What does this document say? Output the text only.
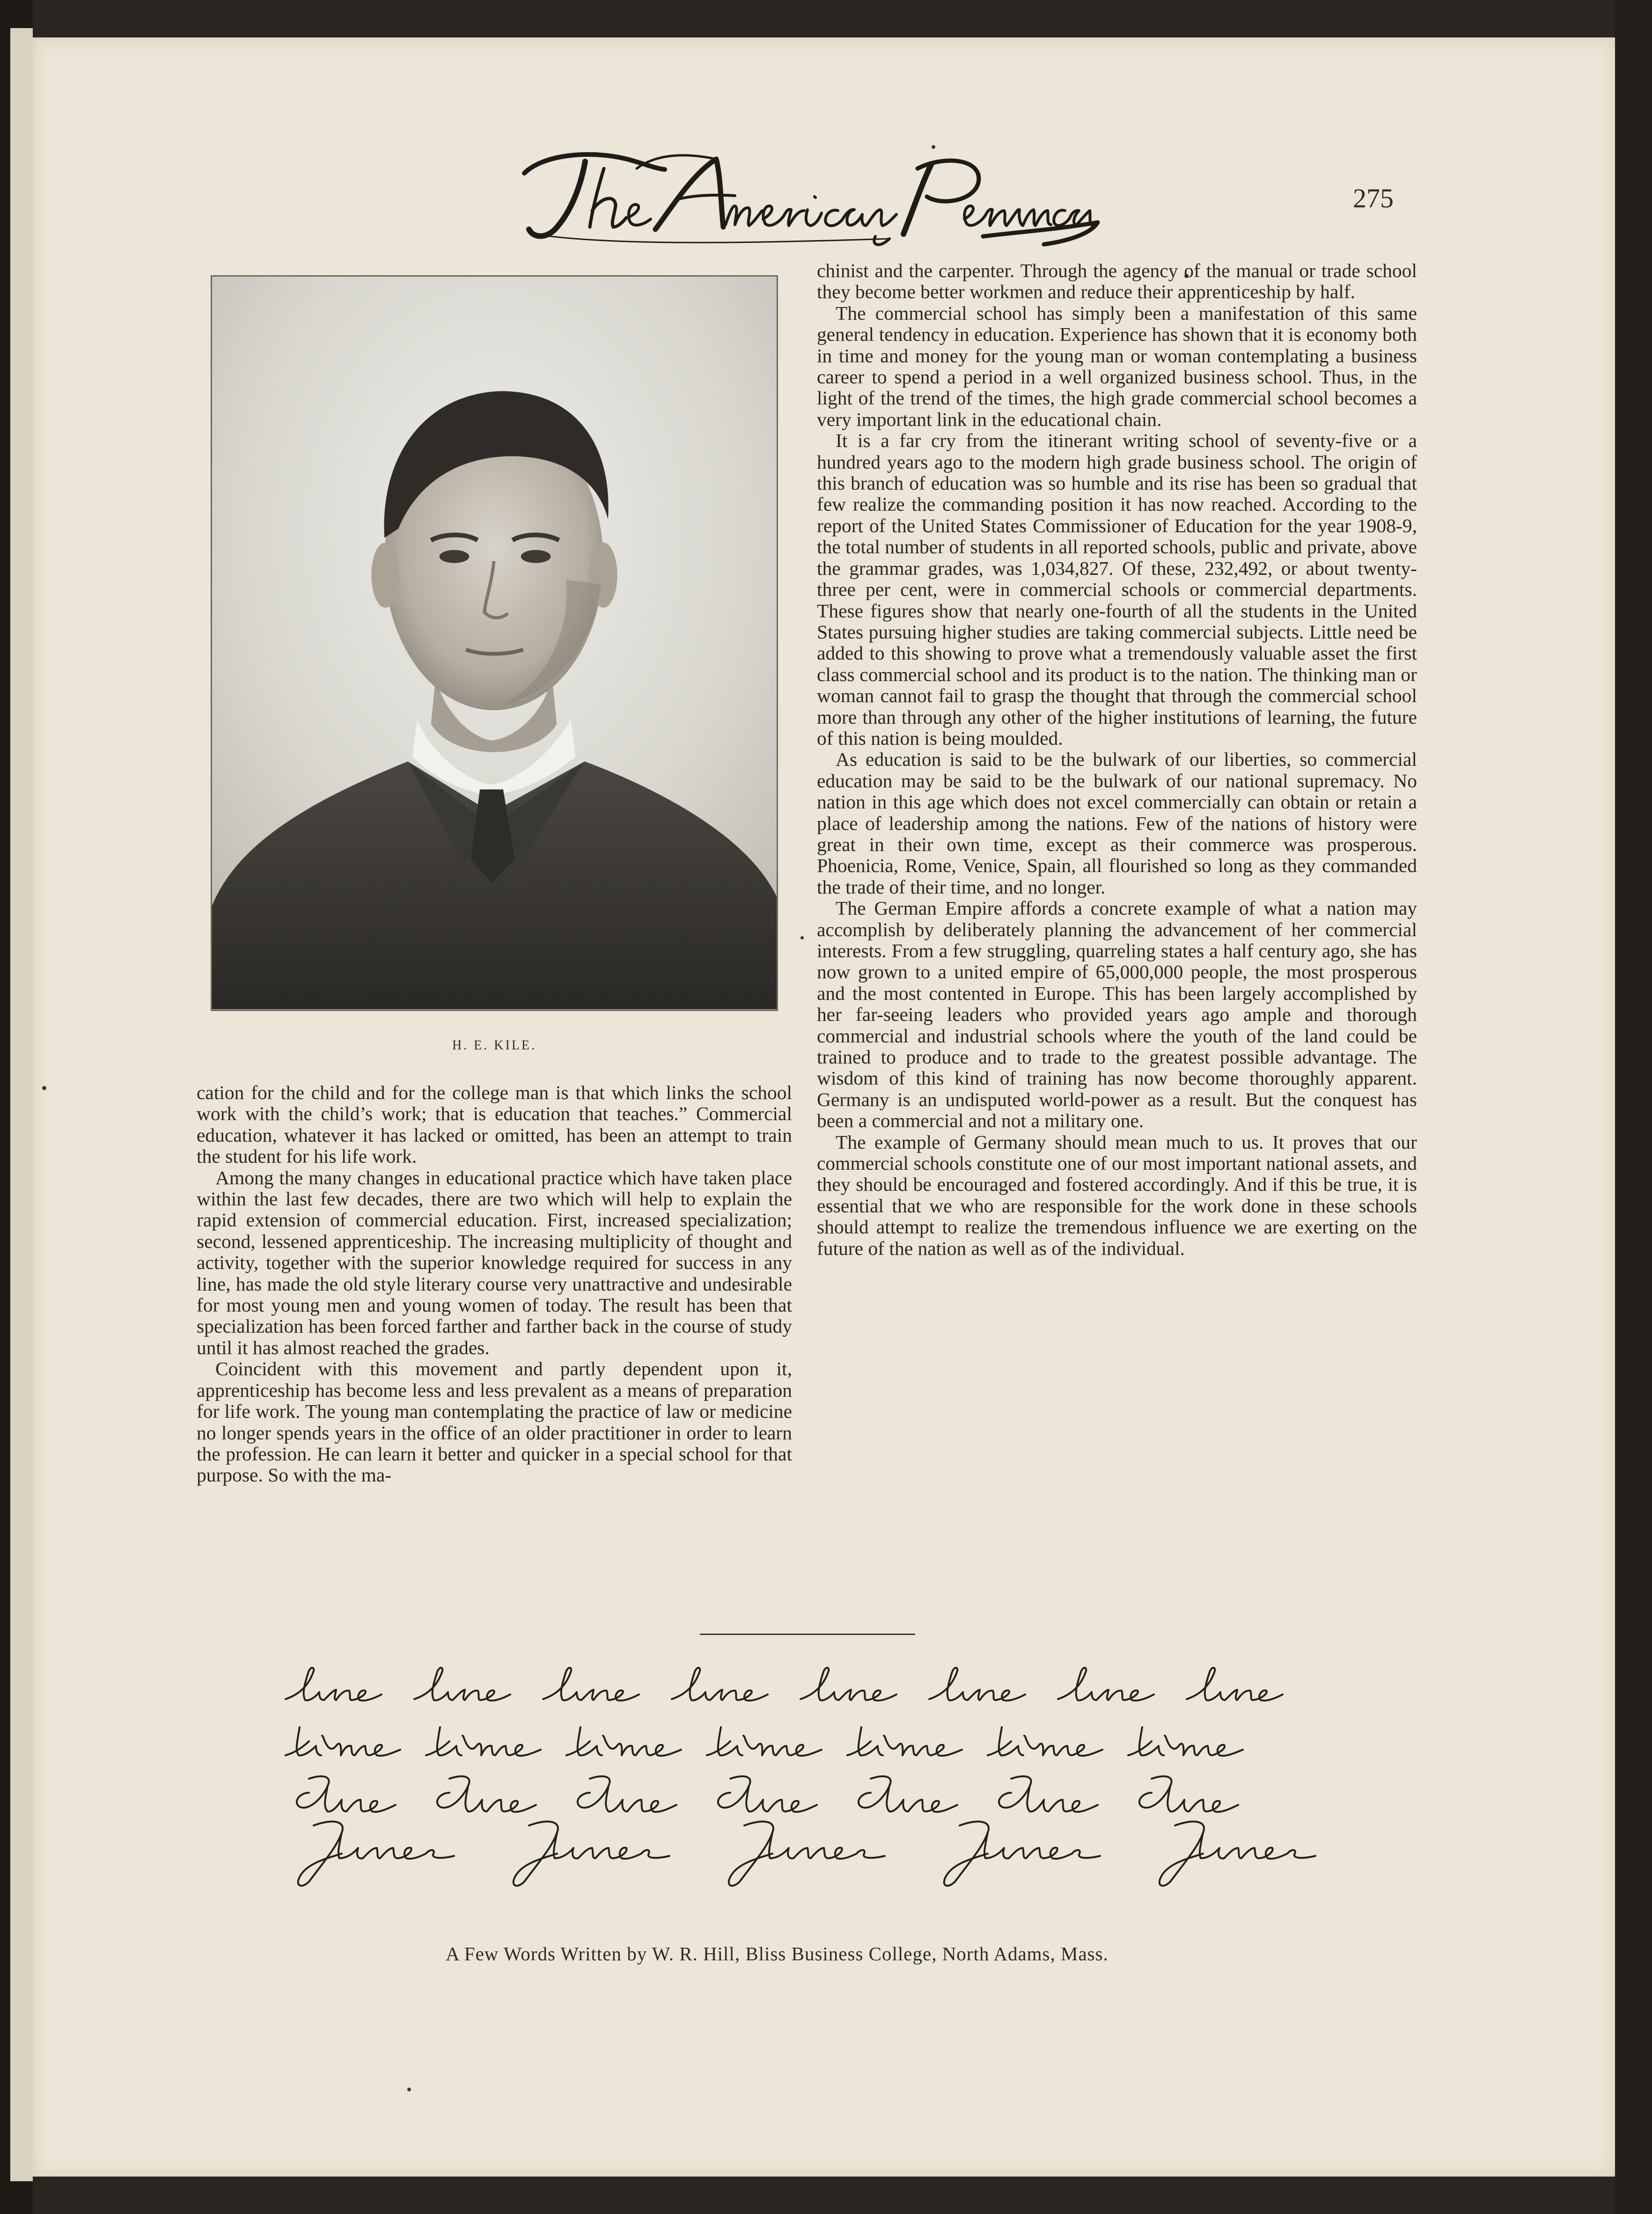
275
H. E. KILE.

cation for the child and for the college man is that which links the school work with the child’s work; that is education that teaches.” Commercial education, whatever it has lacked or omitted, has been an attempt to train the student for his life work.

Among the many changes in educational practice which have taken place within the last few decades, there are two which will help to explain the rapid extension of commercial education. First, increased specialization; second, lessened apprenticeship. The increasing multiplicity of thought and activity, together with the superior knowledge required for success in any line, has made the old style literary course very unattractive and undesirable for most young men and young women of today. The result has been that specialization has been forced farther and farther back in the course of study until it has almost reached the grades.

Coincident with this movement and partly dependent upon it, apprenticeship has become less and less prevalent as a means of preparation for life work. The young man contemplating the practice of law or medicine no longer spends years in the office of an older practitioner in order to learn the profession. He can learn it better and quicker in a special school for that purpose. So with the ma-

chinist and the carpenter. Through the agency of the manual or trade school they become better workmen and reduce their apprenticeship by half.

The commercial school has simply been a manifestation of this same general tendency in education. Experience has shown that it is economy both in time and money for the young man or woman contemplating a business career to spend a period in a well organized business school. Thus, in the light of the trend of the times, the high grade commercial school becomes a very important link in the educational chain.

It is a far cry from the itinerant writing school of seventy-five or a hundred years ago to the modern high grade business school. The origin of this branch of education was so humble and its rise has been so gradual that few realize the commanding position it has now reached. According to the report of the United States Commissioner of Education for the year 1908-9, the total number of students in all reported schools, public and private, above the grammar grades, was 1,034,827. Of these, 232,492, or about twenty-three per cent, were in commercial schools or commercial departments. These figures show that nearly one-fourth of all the students in the United States pursuing higher studies are taking commercial subjects. Little need be added to this showing to prove what a tremendously valuable asset the first class commercial school and its product is to the nation. The thinking man or woman cannot fail to grasp the thought that through the commercial school more than through any other of the higher institutions of learning, the future of this nation is being moulded.

As education is said to be the bulwark of our liberties, so commercial education may be said to be the bulwark of our national supremacy. No nation in this age which does not excel commercially can obtain or retain a place of leadership among the nations. Few of the nations of history were great in their own time, except as their commerce was prosperous. Phoenicia, Rome, Venice, Spain, all flourished so long as they commanded the trade of their time, and no longer.

The German Empire affords a concrete example of what a nation may accomplish by deliberately planning the advancement of her commercial interests. From a few struggling, quarreling states a half century ago, she has now grown to a united empire of 65,000,000 people, the most prosperous and the most contented in Europe. This has been largely accomplished by her far-seeing leaders who provided years ago ample and thorough commercial and industrial schools where the youth of the land could be trained to produce and to trade to the greatest possible advantage. The wisdom of this kind of training has now become thoroughly apparent. Germany is an undisputed world-power as a result. But the conquest has been a commercial and not a military one.

The example of Germany should mean much to us. It proves that our commercial schools constitute one of our most important national assets, and they should be encouraged and fostered accordingly. And if this be true, it is essential that we who are responsible for the work done in these schools should attempt to realize the tremendous influence we are exerting on the future of the nation as well as of the individual.

A Few Words Written by W. R. Hill, Bliss Business College, North Adams, Mass.
